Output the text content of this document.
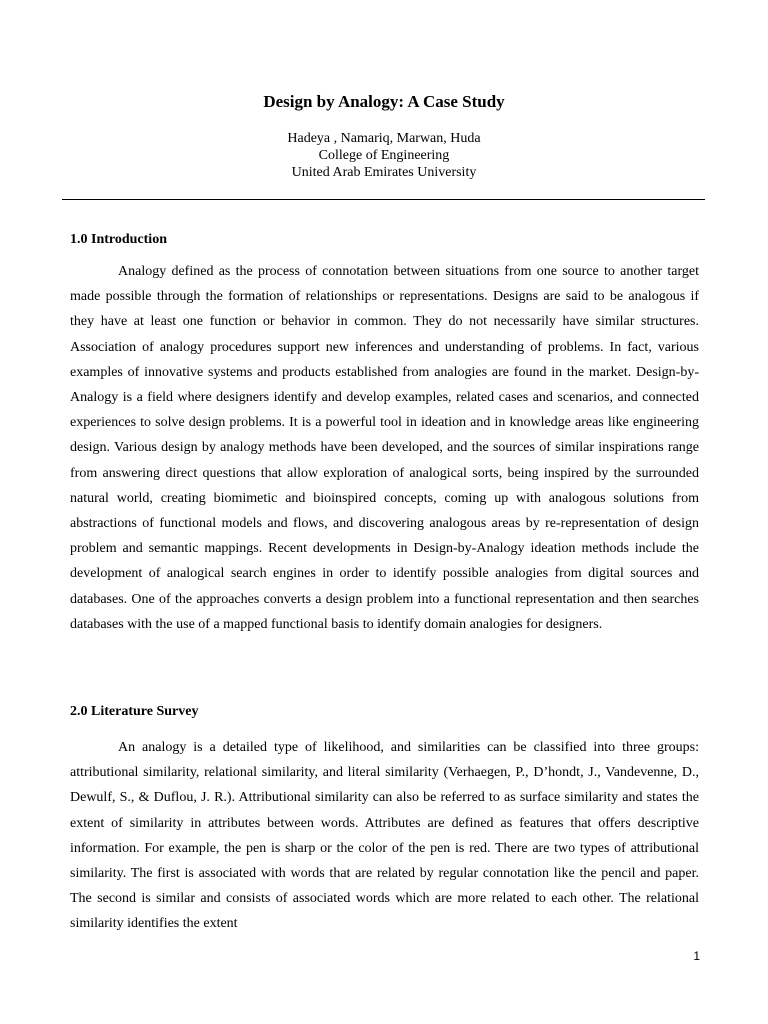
Design by Analogy: A Case Study
Hadeya , Namariq, Marwan, Huda
College of Engineering
United Arab Emirates University
1.0 Introduction

Analogy defined as the process of connotation between situations from one source to another target made possible through the formation of relationships or representations. Designs are said to be analogous if they have at least one function or behavior in common. They do not necessarily have similar structures. Association of analogy procedures support new inferences and understanding of problems. In fact, various examples of innovative systems and products established from analogies are found in the market. Design-by-Analogy is a field where designers identify and develop examples, related cases and scenarios, and connected experiences to solve design problems. It is a powerful tool in ideation and in knowledge areas like engineering design. Various design by analogy methods have been developed, and the sources of similar inspirations range from answering direct questions that allow exploration of analogical sorts, being inspired by the surrounded natural world, creating biomimetic and bioinspired concepts, coming up with analogous solutions from abstractions of functional models and flows, and discovering analogous areas by re-representation of design problem and semantic mappings. Recent developments in Design-by-Analogy ideation methods include the development of analogical search engines in order to identify possible analogies from digital sources and databases. One of the approaches converts a design problem into a functional representation and then searches databases with the use of a mapped functional basis to identify domain analogies for designers.

2.0 Literature Survey

An analogy is a detailed type of likelihood, and similarities can be classified into three groups: attributional similarity, relational similarity, and literal similarity (Verhaegen, P., D’hondt, J., Vandevenne, D., Dewulf, S., & Duflou, J. R.). Attributional similarity can also be referred to as surface similarity and states the extent of similarity in attributes between words. Attributes are defined as features that offers descriptive information. For example, the pen is sharp or the color of the pen is red. There are two types of attributional similarity. The first is associated with words that are related by regular connotation like the pencil and paper. The second is similar and consists of associated words which are more related to each other. The relational similarity identifies the extent

1
